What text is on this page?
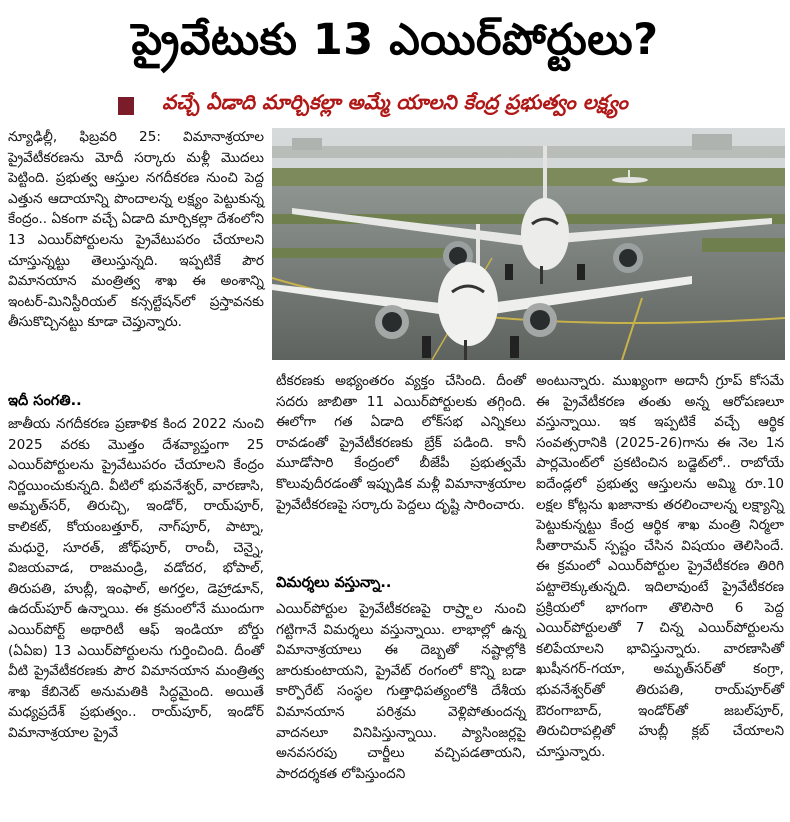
ప్రైవేటుకు 13 ఎయిర్‌పోర్టులు?
వచ్చే ఏడాది మార్చికల్లా అమ్మే యాలని కేంద్ర ప్రభుత్వం లక్ష్యం

న్యూఢిల్లీ, ఫిబ్రవరి 25: విమానాశ్రయాల ప్రైవేటీకరణను మోదీ సర్కారు మళ్లీ మొదలు పెట్టింది. ప్రభుత్వ ఆస్తుల నగదీకరణ నుంచి పెద్ద ఎత్తున ఆదాయాన్ని పొందాలన్న లక్ష్యం పెట్టుకున్న కేంద్రం.. ఏకంగా వచ్చే ఏడాది మార్చికల్లా దేశంలోని 13 ఎయిర్‌పోర్టులను ప్రైవేటుపరం చేయాలని చూస్తున్నట్టు తెలుస్తున్నది. ఇప్పటికే పౌర విమానయాన మంత్రిత్వ శాఖ ఈ అంశాన్ని ఇంటర్-మినిస్టీరియల్ కన్సల్టేషన్‌లో ప్రస్తావనకు తీసుకొచ్చినట్టు కూడా చెప్తున్నారు.

ఇదీ సంగతి..

జాతీయ నగదీకరణ ప్రణాళిక కింద 2022 నుంచి 2025 వరకు మొత్తం దేశవ్యాప్తంగా 25 ఎయిర్‌పోర్టులను ప్రైవేటుపరం చేయాలని కేంద్రం నిర్ణయించుకున్నది. వీటిలో భువనేశ్వర్, వారణాసి, అమృత్‌సర్, తిరుచ్చి, ఇండోర్, రాయ్‌పూర్, కాలికట్, కోయంబత్తూర్, నాగ్‌పూర్, పాట్నా, మధురై, సూరత్, జోధ్‌పూర్, రాంచీ, చెన్నై, విజయవాడ, రాజమండ్రి, వడోదర, భోపాల్, తిరుపతి, హుబ్లీ, ఇంఫాల్, అగర్తల, డెహ్రాడూన్, ఉదయ్‌పూర్ ఉన్నాయి. ఈ క్రమంలోనే ముందుగా ఎయిర్‌పోర్ట్ అథారిటీ ఆఫ్ ఇండియా బోర్డు (ఏఏఐ) 13 ఎయిర్‌పోర్టులను గుర్తించింది. దీంతో వీటి ప్రైవేటీకరణకు పౌర విమానయాన మంత్రిత్వ శాఖ కేబినెట్ అనుమతికి సిద్ధమైంది. అయితే మధ్యప్రదేశ్ ప్రభుత్వం.. రాయ్‌పూర్, ఇండోర్ విమానాశ్రయాల ప్రైవే

టీకరణకు అభ్యంతరం వ్యక్తం చేసింది. దీంతో సదరు జాబితా 11 ఎయిర్‌పోర్టులకు తగ్గింది. ఈలోగా గత ఏడాది లోక్‌సభ ఎన్నికలు రావడంతో ప్రైవేటీకరణకు బ్రేక్ పడింది. కానీ మూడోసారి కేంద్రంలో బీజేపీ ప్రభుత్వమే కొలువుదీరడంతో ఇప్పుడిక మళ్లీ విమానాశ్రయాల ప్రైవేటీకరణపై సర్కారు పెద్దలు దృష్టి సారించారు.

విమర్శలు వస్తున్నా..

ఎయిర్‌పోర్టుల ప్రైవేటీకరణపై రాష్ర్టాల నుంచి గట్టిగానే విమర్శలు వస్తున్నాయి. లాభాల్లో ఉన్న విమానాశ్రయాలు ఈ దెబ్బతో నష్టాల్లోకి జారుకుంటాయని, ప్రైవేట్ రంగంలో కొన్ని బడా కార్పొరేట్ సంస్థల గుత్తాధిపత్యంలోకి దేశీయ విమానయాన పరిశ్రమ వెళ్లిపోతుందన్న వాదనలూ వినిపిస్తున్నాయి. ప్యాసింజర్లపై అనవసరపు చార్జీలు వచ్చిపడతాయని, పారదర్శకత లోపిస్తుందని

అంటున్నారు. ముఖ్యంగా అదానీ గ్రూప్ కోసమే ఈ ప్రైవేటీకరణ తంతు అన్న ఆరోపణలూ వస్తున్నాయి. ఇక ఇప్పటికే వచ్చే ఆర్థిక సంవత్సరానికి (2025-26)గాను ఈ నెల 1న పార్లమెంట్‌లో ప్రకటించిన బడ్జెట్‌లో.. రాబోయే ఐదేండ్లలో ప్రభుత్వ ఆస్తులను అమ్మి రూ.10 లక్షల కోట్లను ఖజానాకు తరలించాలన్న లక్ష్యాన్ని పెట్టుకున్నట్టు కేంద్ర ఆర్థిక శాఖ మంత్రి నిర్మలా సీతారామన్ స్పష్టం చేసిన విషయం తెలిసిందే. ఈ క్రమంలో ఎయిర్‌పోర్టుల ప్రైవేటీకరణ తిరిగి పట్టాలెక్కుతున్నది. ఇదిలావుంటే ప్రైవేటీకరణ ప్రక్రియలో భాగంగా తొలిసారి 6 పెద్ద ఎయిర్‌పోర్టులతో 7 చిన్న ఎయిర్‌పోర్టులను కలిపేయాలని భావిస్తున్నారు. వారణాసితో ఖుషీనగర్-గయా, అమృత్‌సర్‌తో కంగ్రా, భువనేశ్వర్‌తో తిరుపతి, రాయ్‌పూర్‌తో ఔరంగాబాద్, ఇండోర్‌తో జబల్‌పూర్, తిరుచిరాపల్లితో హుబ్లీ క్లబ్ చేయాలని చూస్తున్నారు.
